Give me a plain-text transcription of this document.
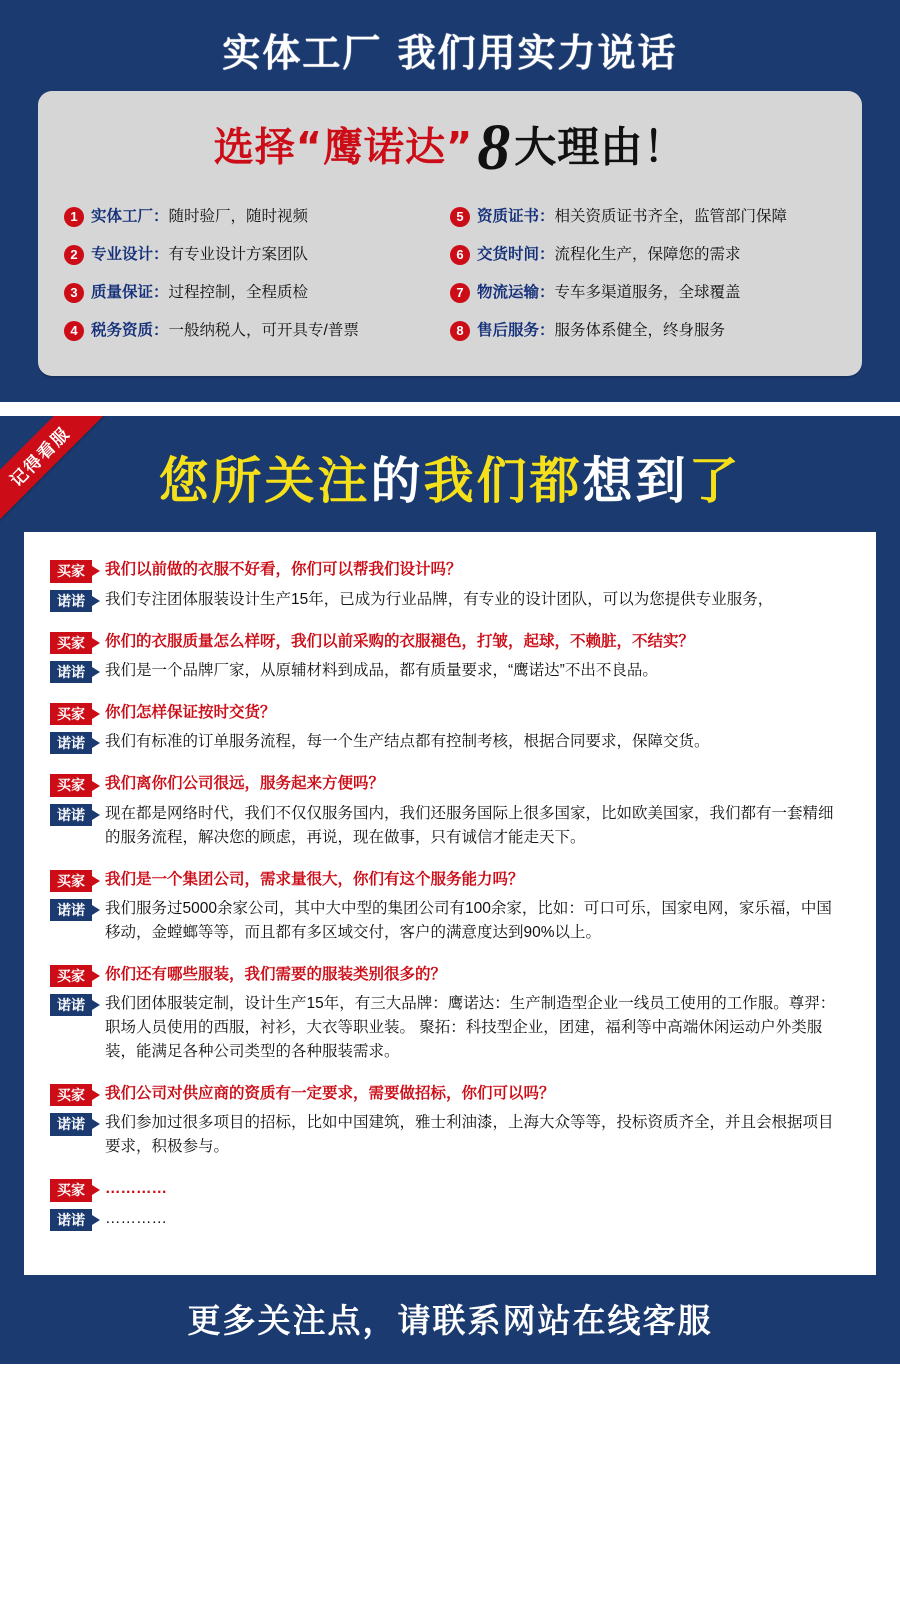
实体工厂 我们用实力说话
选择“鹰诺达”8大理由！
1 实体工厂：随时验厂，随时视频	5 资质证书：相关资质证书齐全，监管部门保障
2 专业设计：有专业设计方案团队	6 交货时间：流程化生产，保障您的需求
3 质量保证：过程控制，全程质检	7 物流运输：专车多渠道服务，全球覆盖
4 税务资质：一般纳税人，可开具专/普票	8 售后服务：服务体系健全，终身服务
记得看服	您所关注的我们都想到了
买家	我们以前做的衣服不好看，你们可以帮我们设计吗？
诺诺	我们专注团体服装设计生产15年，已成为行业品牌，有专业的设计团队，可以为您提供专业服务，
买家	你们的衣服质量怎么样呀，我们以前采购的衣服褪色，打皱，起球，不赖脏，不结实？
诺诺	我们是一个品牌厂家，从原辅材料到成品，都有质量要求，“鹰诺达”不出不良品。
买家	你们怎样保证按时交货？
诺诺	我们有标准的订单服务流程，每一个生产结点都有控制考核，根据合同要求，保障交货。
买家	我们离你们公司很远，服务起来方便吗？
诺诺	现在都是网络时代，我们不仅仅服务国内，我们还服务国际上很多国家，比如欧美国家，我们都有一套精细的服务流程，解决您的顾虑，再说，现在做事，只有诚信才能走天下。
买家	我们是一个集团公司，需求量很大，你们有这个服务能力吗？
诺诺	我们服务过5000余家公司，其中大中型的集团公司有100余家，比如：可口可乐，国家电网，家乐福，中国移动，金螳螂等等，而且都有多区域交付，客户的满意度达到90%以上。
买家	你们还有哪些服装，我们需要的服装类别很多的？
诺诺	我们团体服装定制，设计生产15年，有三大品牌：鹰诺达：生产制造型企业一线员工使用的工作服。尊羿：职场人员使用的西服，衬衫，大衣等职业装。 聚拓：科技型企业，团建，福利等中高端休闲运动户外类服装，能满足各种公司类型的各种服装需求。
买家	我们公司对供应商的资质有一定要求，需要做招标，你们可以吗？
诺诺	我们参加过很多项目的招标，比如中国建筑，雅士利油漆，上海大众等等，投标资质齐全，并且会根据项目要求，积极参与。
买家	…………
诺诺	…………
更多关注点，请联系网站在线客服
